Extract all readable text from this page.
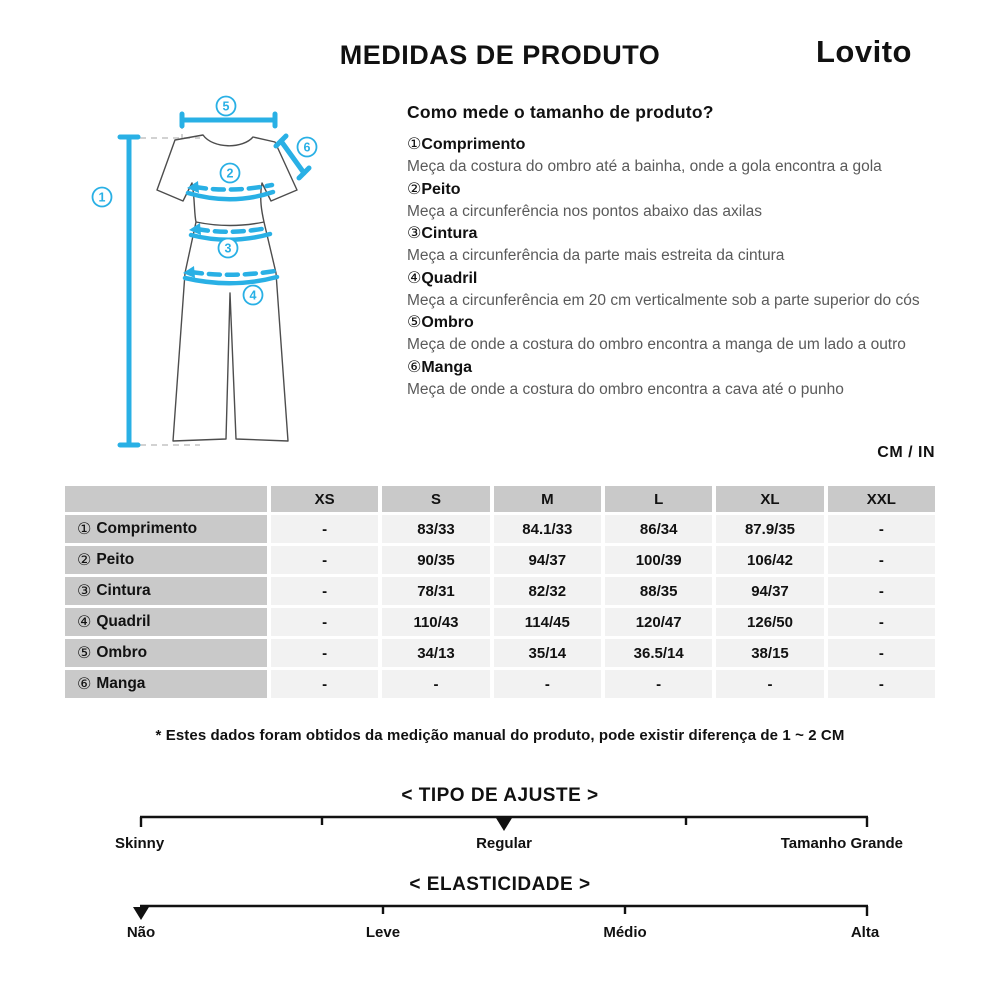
MEDIDAS DE PRODUTO	Lovito
5
6
1
2
3
4
Como mede o tamanho de produto?
①Comprimento

Meça da costura do ombro até a bainha, onde a gola encontra a gola

②Peito

Meça a circunferência nos pontos abaixo das axilas

③Cintura

Meça a circunferência da parte mais estreita da cintura

④Quadril

Meça a circunferência em 20 cm verticalmente sob a parte superior do cós

⑤Ombro

Meça de onde a costura do ombro encontra a manga de um lado a outro

⑥Manga

Meça de onde a costura do ombro encontra a cava até o punho

CM / IN
XS	S	M	L	XL	XXL
① Comprimento	-	83/33	84.1/33	86/34	87.9/35	-
② Peito	-	90/35	94/37	100/39	106/42	-
③ Cintura	-	78/31	82/32	88/35	94/37	-
④ Quadril	-	110/43	114/45	120/47	126/50	-
⑤ Ombro	-	34/13	35/14	36.5/14	38/15	-
⑥ Manga	-	-	-	-	-	-
* Estes dados foram obtidos da medição manual do produto, pode existir diferença de 1 ~ 2 CM
< TIPO DE AJUSTE >
Skinny	Regular	Tamanho Grande
< ELASTICIDADE >
Não	Leve	Médio	Alta
